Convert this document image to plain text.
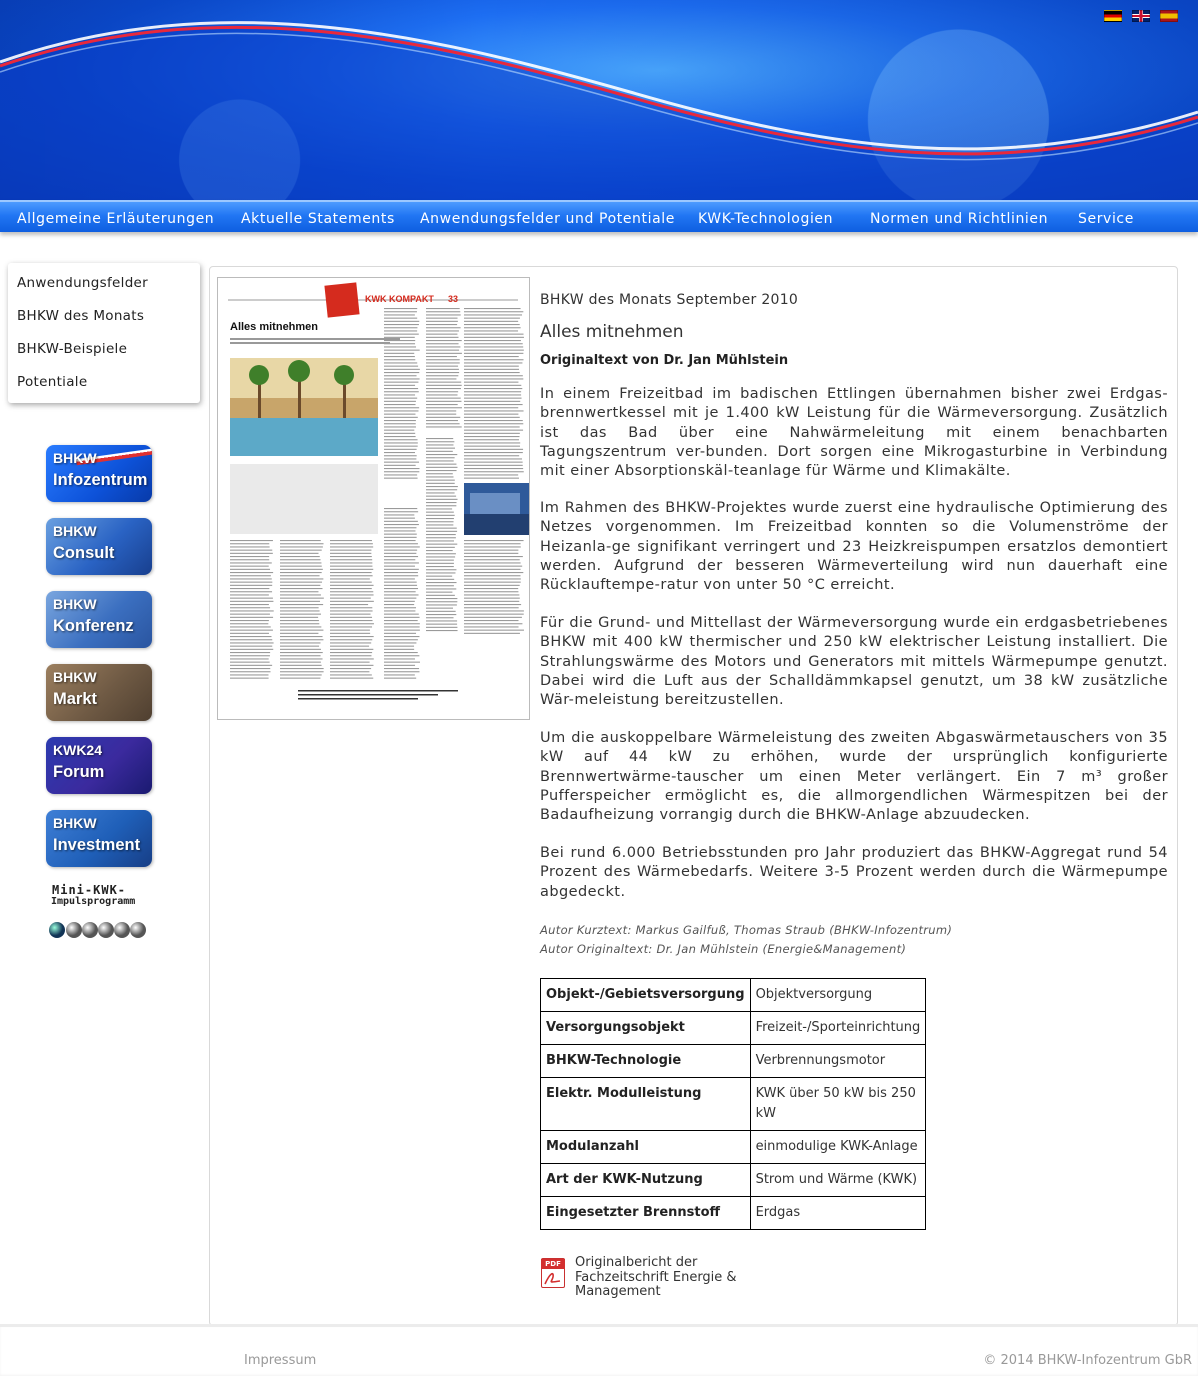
Allgemeine Erläuterungen Aktuelle Statements Anwendungsfelder und Potentiale KWK-Technologien	Normen und Richtlinien Service
Anwendungsfelder
BHKW des Monats
BHKW-Beispiele
Potentiale
BHKW
Infozentrum
BHKW
Consult
BHKW
Konferenz
BHKW
Markt
KWK24
Forum
BHKW
Investment
Mini-KWK-
Impulsprogramm
KWK KOMPAKT 33
Alles mitnehmen
BHKW des Monats September 2010
Alles mitnehmen
Originaltext von Dr. Jan Mühlstein

In einem Freizeitbad im badischen Ettlingen übernahmen bisher zwei Erdgas-brennwertkessel mit je 1.400 kW Leistung für die Wärmeversorgung. Zusätzlich ist das Bad über eine Nahwärmeleitung mit einem benachbarten Tagungszentrum ver-bunden. Dort sorgen eine Mikrogasturbine in Verbindung mit einer Absorptionskäl-teanlage für Wärme und Klimakälte.

Im Rahmen des BHKW-Projektes wurde zuerst eine hydraulische Optimierung des Netzes vorgenommen. Im Freizeitbad konnten so die Volumenströme der Heizanla-ge signifikant verringert und 23 Heizkreispumpen ersatzlos demontiert werden. Aufgrund der besseren Wärmeverteilung wird nun dauerhaft eine Rücklauftempe-ratur von unter 50 °C erreicht.

Für die Grund- und Mittellast der Wärmeversorgung wurde ein erdgasbetriebenes BHKW mit 400 kW thermischer und 250 kW elektrischer Leistung installiert. Die Strahlungswärme des Motors und Generators mit mittels Wärmepumpe genutzt. Dabei wird die Luft aus der Schalldämmkapsel genutzt, um 38 kW zusätzliche Wär-meleistung bereitzustellen.

Um die auskoppelbare Wärmeleistung des zweiten Abgaswärmetauschers von 35 kW auf 44 kW zu erhöhen, wurde der ursprünglich konfigurierte Brennwertwärme-tauscher um einen Meter verlängert. Ein 7 m³ großer Pufferspeicher ermöglicht es, die allmorgendlichen Wärmespitzen bei der Badaufheizung vorrangig durch die BHKW-Anlage abzuudecken.

Bei rund 6.000 Betriebsstunden pro Jahr produziert das BHKW-Aggregat rund 54 Prozent des Wärmebedarfs. Weitere 3-5 Prozent werden durch die Wärmepumpe abgedeckt.

Autor Kurztext: Markus Gailfuß, Thomas Straub (BHKW-Infozentrum)
Autor Originaltext: Dr. Jan Mühlstein (Energie&Management)
Objekt-/Gebietsversorgung	Objektversorgung
Versorgungsobjekt	Freizeit-/Sporteinrichtung
BHKW-Technologie	Verbrennungsmotor
Elektr. Modulleistung	KWK über 50 kW bis 250 kW
Modulanzahl	einmodulige KWK-Anlage
Art der KWK-Nutzung	Strom und Wärme (KWK)
Eingesetzter Brennstoff	Erdgas
PDF	Originalbericht der Fachzeitschrift Energie & Management
Impressum	© 2014 BHKW-Infozentrum GbR
